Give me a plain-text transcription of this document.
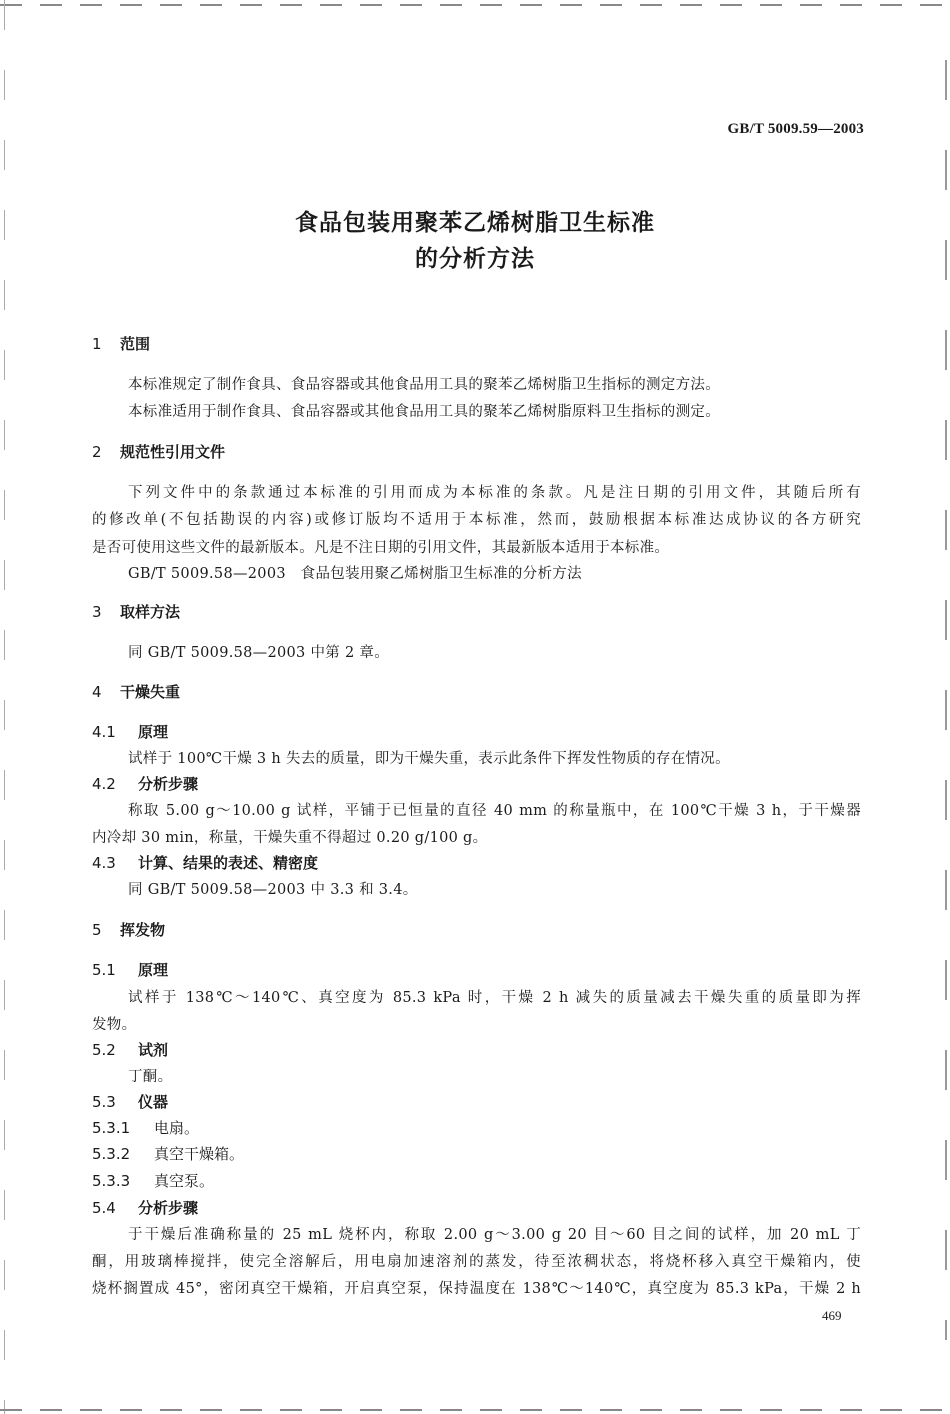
GB/T 5009.59—2003
食品包装用聚苯乙烯树脂卫生标准
的分析方法
1 范围
本标准规定了制作食具、食品容器或其他食品用工具的聚苯乙烯树脂卫生指标的测定方法。
本标准适用于制作食具、食品容器或其他食品用工具的聚苯乙烯树脂原料卫生指标的测定。
2 规范性引用文件
下列文件中的条款通过本标准的引用而成为本标准的条款。凡是注日期的引用文件，其随后所有
的修改单(不包括勘误的内容)或修订版均不适用于本标准，然而，鼓励根据本标准达成协议的各方研究
是否可使用这些文件的最新版本。凡是不注日期的引用文件，其最新版本适用于本标准。
GB/T 5009.58—2003　食品包装用聚乙烯树脂卫生标准的分析方法
3 取样方法
同 GB/T 5009.58—2003 中第 2 章。
4 干燥失重
4.1 原理
试样于 100℃干燥 3 h 失去的质量，即为干燥失重，表示此条件下挥发性物质的存在情况。
4.2 分析步骤
称取 5.00 g～10.00 g 试样，平铺于已恒量的直径 40 mm 的称量瓶中，在 100℃干燥 3 h，于干燥器
内冷却 30 min，称量，干燥失重不得超过 0.20 g/100 g。
4.3 计算、结果的表述、精密度
同 GB/T 5009.58—2003 中 3.3 和 3.4。
5 挥发物
5.1 原理
试样于 138℃～140℃、真空度为 85.3 kPa 时，干燥 2 h 减失的质量减去干燥失重的质量即为挥
发物。
5.2 试剂
丁酮。
5.3 仪器
5.3.1 电扇。
5.3.2 真空干燥箱。
5.3.3 真空泵。
5.4 分析步骤
于干燥后准确称量的 25 mL 烧杯内，称取 2.00 g～3.00 g 20 目～60 目之间的试样，加 20 mL 丁
酮，用玻璃棒搅拌，使完全溶解后，用电扇加速溶剂的蒸发，待至浓稠状态，将烧杯移入真空干燥箱内，使
烧杯搁置成 45°，密闭真空干燥箱，开启真空泵，保持温度在 138℃～140℃，真空度为 85.3 kPa，干燥 2 h
469
